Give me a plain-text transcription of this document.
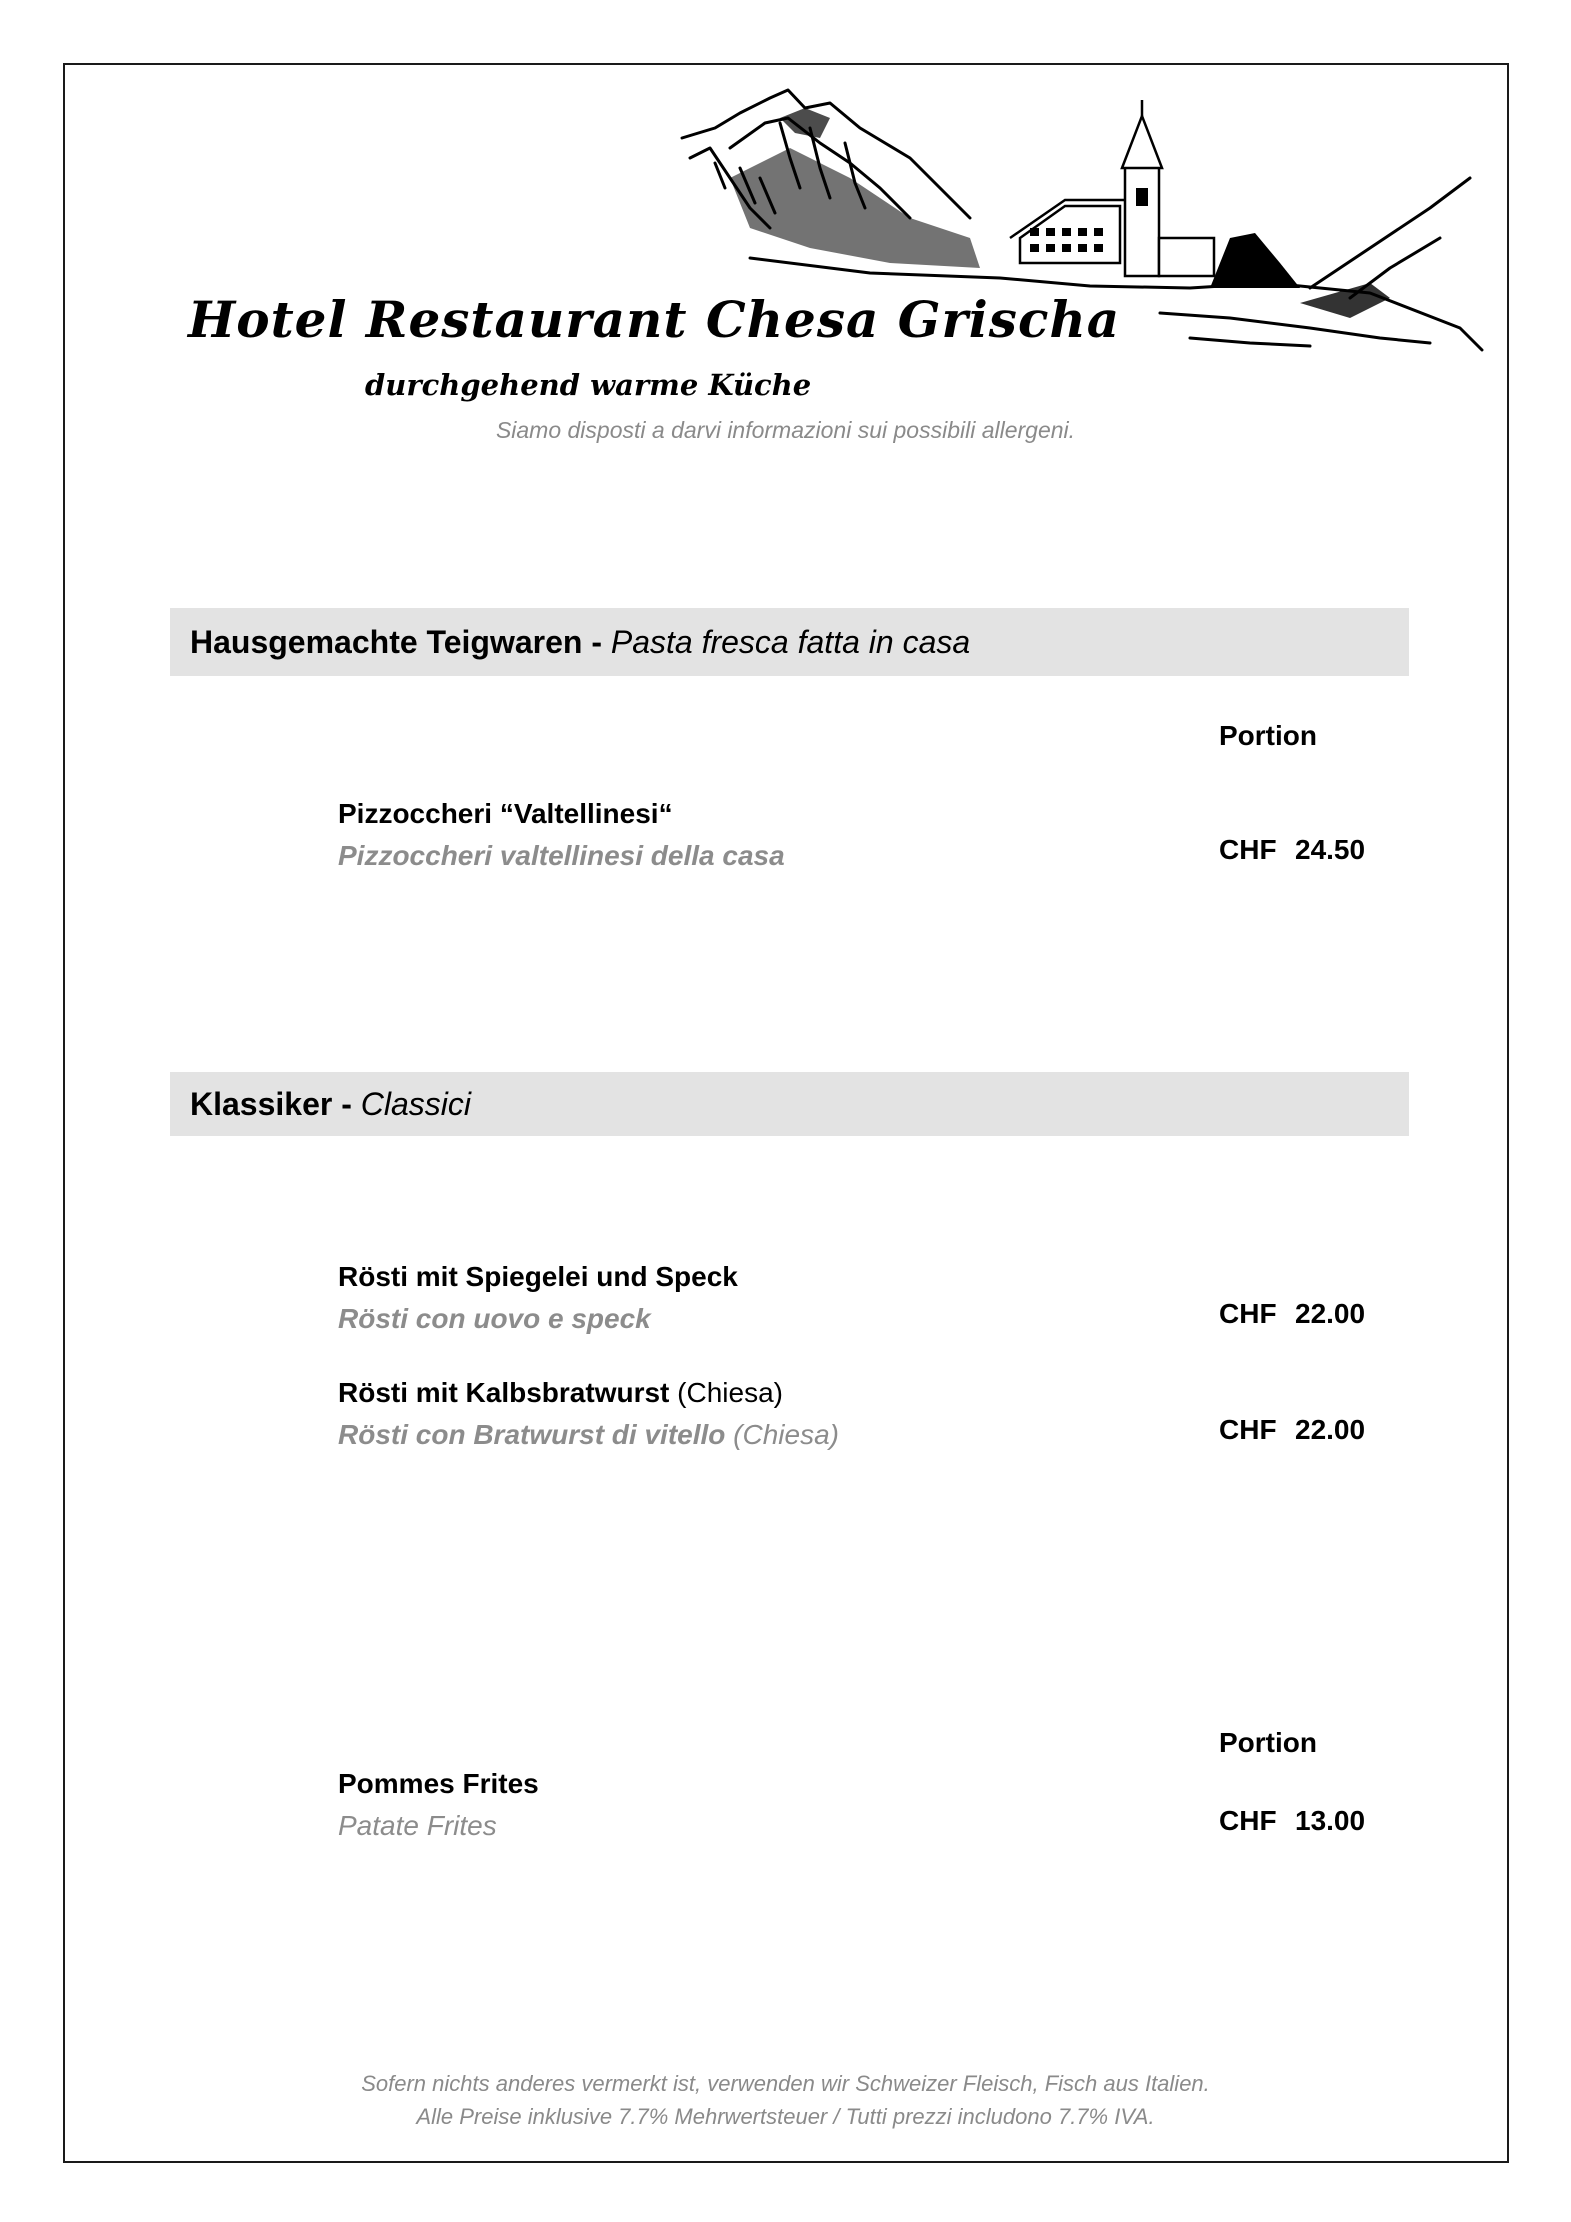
Hotel Restaurant Chesa Grischa
durchgehend warme Küche
Siamo disposti a darvi informazioni sui possibili allergeni.
Hausgemachte Teigwaren - Pasta fresca fatta in casa
Portion
Pizzoccheri “Valtellinesi“
Pizzoccheri valtellinesi della casa	CHF 24.50
Klassiker - Classici
Rösti mit Spiegelei und Speck
Rösti con uovo e speck	CHF 22.00
Rösti mit Kalbsbratwurst (Chiesa)
Rösti con Bratwurst di vitello (Chiesa)	CHF 22.00
Portion
Pommes Frites
Patate Frites	CHF 13.00
Sofern nichts anderes vermerkt ist, verwenden wir Schweizer Fleisch, Fisch aus Italien.
Alle Preise inklusive 7.7% Mehrwertsteuer / Tutti prezzi includono 7.7% IVA.
